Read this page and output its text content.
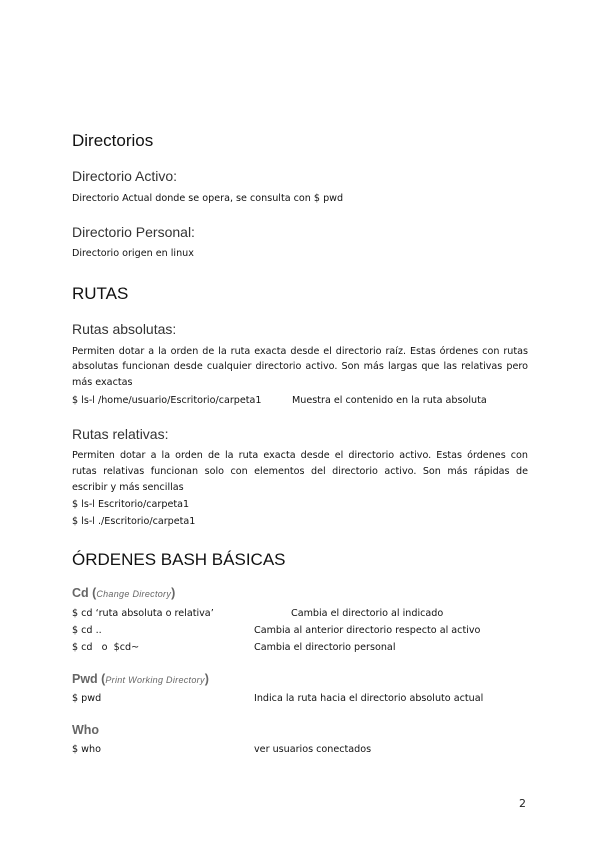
Directorios
Directorio Activo:
Directorio Actual donde se opera, se consulta con $ pwd
Directorio Personal:
Directorio origen en linux
RUTAS
Rutas absolutas:
Permiten dotar a la orden de la ruta exacta desde el directorio raíz. Estas órdenes con rutas
absolutas funcionan desde cualquier directorio activo. Son más largas que las relativas pero
más exactas
$ ls-l /home/usuario/Escritorio/carpeta1	Muestra el contenido en la ruta absoluta
Rutas relativas:
Permiten dotar a la orden de la ruta exacta desde el directorio activo. Estas órdenes con
rutas relativas funcionan solo con elementos del directorio activo. Son más rápidas de
escribir y más sencillas
$ ls-l Escritorio/carpeta1
$ ls-l ./Escritorio/carpeta1
ÓRDENES BASH BÁSICAS
Cd (Change Directory)
$ cd ‘ruta absoluta o relativa’	Cambia el directorio al indicado
$ cd ..	Cambia al anterior directorio respecto al activo
$ cd   o  $cd~	Cambia el directorio personal
Pwd (Print Working Directory)
$ pwd	Indica la ruta hacia el directorio absoluto actual
Who
$ who	ver usuarios conectados
2
